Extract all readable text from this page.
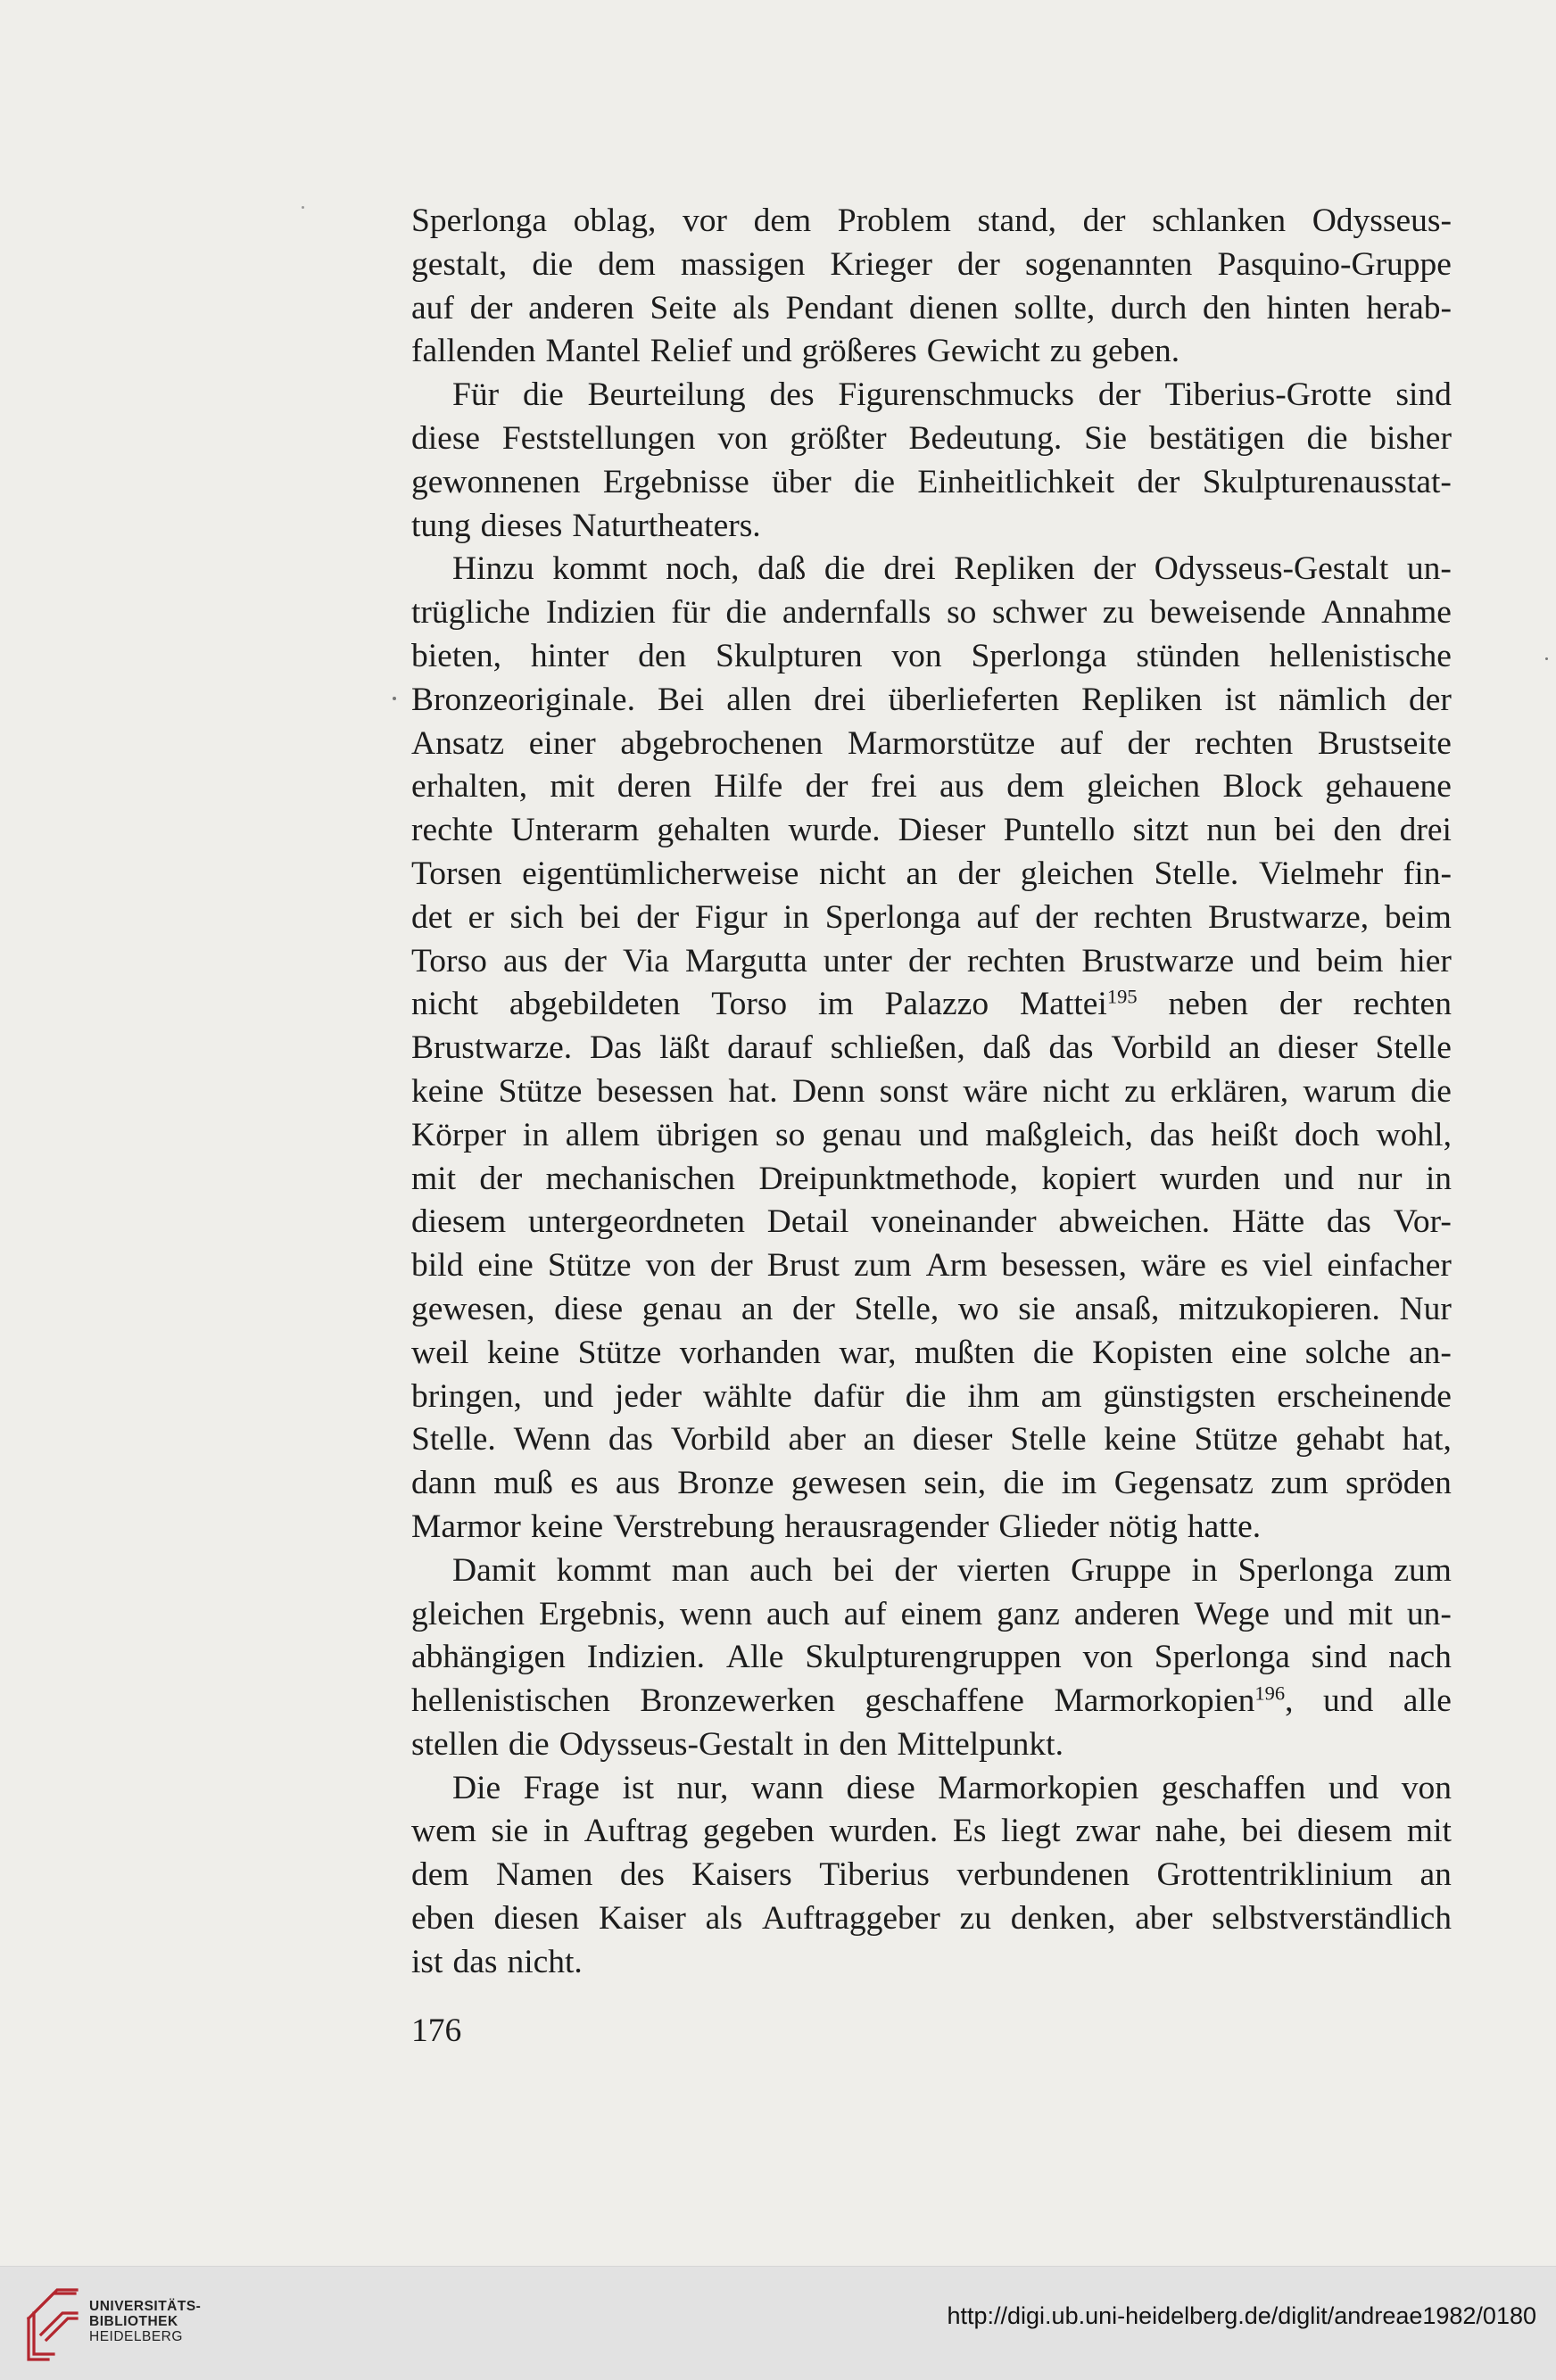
Sperlonga oblag, vor dem Problem stand, der schlanken Odysseus-
gestalt, die dem massigen Krieger der sogenannten Pasquino-Gruppe
auf der anderen Seite als Pendant dienen sollte, durch den hinten herab-
fallenden Mantel Relief und größeres Gewicht zu geben.
Für die Beurteilung des Figurenschmucks der Tiberius-Grotte sind
diese Feststellungen von größter Bedeutung. Sie bestätigen die bisher
gewonnenen Ergebnisse über die Einheitlichkeit der Skulpturenausstat-
tung dieses Naturtheaters.
Hinzu kommt noch, daß die drei Repliken der Odysseus-Gestalt un-
trügliche Indizien für die andernfalls so schwer zu beweisende Annahme
bieten, hinter den Skulpturen von Sperlonga stünden hellenistische
Bronzeoriginale. Bei allen drei überlieferten Repliken ist nämlich der
Ansatz einer abgebrochenen Marmorstütze auf der rechten Brustseite
erhalten, mit deren Hilfe der frei aus dem gleichen Block gehauene
rechte Unterarm gehalten wurde. Dieser Puntello sitzt nun bei den drei
Torsen eigentümlicherweise nicht an der gleichen Stelle. Vielmehr fin-
det er sich bei der Figur in Sperlonga auf der rechten Brustwarze, beim
Torso aus der Via Margutta unter der rechten Brustwarze und beim hier
nicht abgebildeten Torso im Palazzo Mattei$^{195}$ neben der rechten
Brustwarze. Das läßt darauf schließen, daß das Vorbild an dieser Stelle
keine Stütze besessen hat. Denn sonst wäre nicht zu erklären, warum die
Körper in allem übrigen so genau und maßgleich, das heißt doch wohl,
mit der mechanischen Dreipunktmethode, kopiert wurden und nur in
diesem untergeordneten Detail voneinander abweichen. Hätte das Vor-
bild eine Stütze von der Brust zum Arm besessen, wäre es viel einfacher
gewesen, diese genau an der Stelle, wo sie ansaß, mitzukopieren. Nur
weil keine Stütze vorhanden war, mußten die Kopisten eine solche an-
bringen, und jeder wählte dafür die ihm am günstigsten erscheinende
Stelle. Wenn das Vorbild aber an dieser Stelle keine Stütze gehabt hat,
dann muß es aus Bronze gewesen sein, die im Gegensatz zum spröden
Marmor keine Verstrebung herausragender Glieder nötig hatte.
Damit kommt man auch bei der vierten Gruppe in Sperlonga zum
gleichen Ergebnis, wenn auch auf einem ganz anderen Wege und mit un-
abhängigen Indizien. Alle Skulpturengruppen von Sperlonga sind nach
hellenistischen Bronzewerken geschaffene Marmorkopien$^{196}$, und alle
stellen die Odysseus-Gestalt in den Mittelpunkt.
Die Frage ist nur, wann diese Marmorkopien geschaffen und von
wem sie in Auftrag gegeben wurden. Es liegt zwar nahe, bei diesem mit
dem Namen des Kaisers Tiberius verbundenen Grottentriklinium an
eben diesen Kaiser als Auftraggeber zu denken, aber selbstverständlich
ist das nicht.
176
UNIVERSITÄTS-
BIBLIOTHEK
HEIDELBERG
http://digi.ub.uni-heidelberg.de/diglit/andreae1982/0180
